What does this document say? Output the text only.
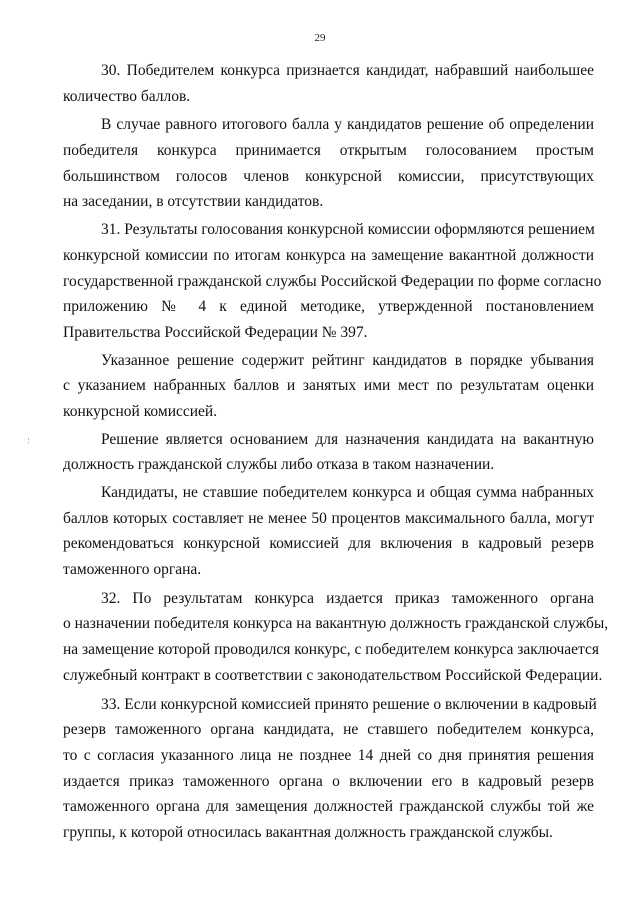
29
30. Победителем конкурса признается кандидат, набравший наибольшее
количество баллов.
В случае равного итогового балла у кандидатов решение об определении
победителя конкурса принимается открытым голосованием простым
большинством голосов членов конкурсной комиссии, присутствующих
на заседании, в отсутствии кандидатов.
31. Результаты голосования конкурсной комиссии оформляются решением
конкурсной комиссии по итогам конкурса на замещение вакантной должности
государственной гражданской службы Российской Федерации по форме согласно
приложению № 4 к единой методике, утвержденной постановлением
Правительства Российской Федерации № 397.
Указанное решение содержит рейтинг кандидатов в порядке убывания
с указанием набранных баллов и занятых ими мест по результатам оценки
конкурсной комиссией.
Решение является основанием для назначения кандидата на вакантную
должность гражданской службы либо отказа в таком назначении.
Кандидаты, не ставшие победителем конкурса и общая сумма набранных
баллов которых составляет не менее 50 процентов максимального балла, могут
рекомендоваться конкурсной комиссией для включения в кадровый резерв
таможенного органа.
32. По результатам конкурса издается приказ таможенного органа
о назначении победителя конкурса на вакантную должность гражданской службы,
на замещение которой проводился конкурс, с победителем конкурса заключается
служебный контракт в соответствии с законодательством Российской Федерации.
33. Если конкурсной комиссией принято решение о включении в кадровый
резерв таможенного органа кандидата, не ставшего победителем конкурса,
то с согласия указанного лица не позднее 14 дней со дня принятия решения
издается приказ таможенного органа о включении его в кадровый резерв
таможенного органа для замещения должностей гражданской службы той же
группы, к которой относилась вакантная должность гражданской службы.
